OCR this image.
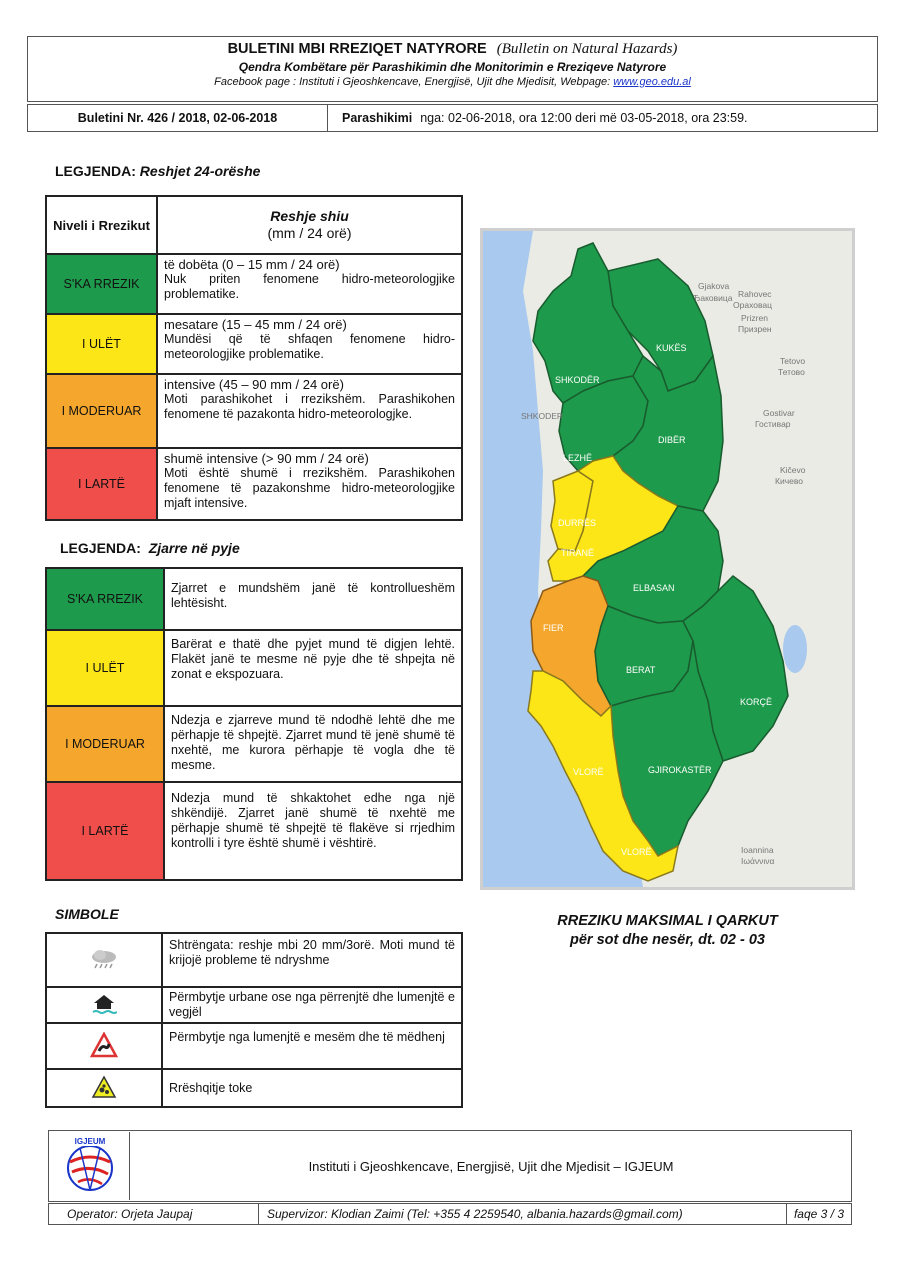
BULETINI MBI RREZIQET NATYRORE (Bulletin on Natural Hazards)
Qendra Kombëtare për Parashikimin dhe Monitorimin e Rreziqeve Natyrore
Facebook page : Instituti i Gjeoshkencave, Energjisë, Ujit dhe Mjedisit, Webpage: www.geo.edu.al
Buletini Nr. 426 / 2018, 02-06-2018	Parashikimi nga: 02-06-2018, ora 12:00 deri më 03-05-2018, ora 23:59.
LEGJENDA: Reshjet 24-orëshe
Niveli i Rrezikut	Reshje shiu
(mm / 24 orë)

S'KA RREZIK	të dobëta (0 – 15 mm / 24 orë)
Nuk priten fenomene hidro-meteorologjike problematike.

I ULËT	mesatare (15 – 45 mm / 24 orë)
Mundësi që të shfaqen fenomene hidro-meteorologjike problematike.

I MODERUAR	intensive (45 – 90 mm / 24 orë)
Moti parashikohet i rrezikshëm. Parashikohen fenomene të pazakonta hidro-meteorologjke.

I LARTË	shumë intensive (> 90 mm / 24 orë)
Moti është shumë i rrezikshëm. Parashikohen fenomene të pazakonshme hidro-meteorologjike mjaft intensive.
LEGJENDA: Zjarre në pyje
S'KA RREZIK	Zjarret e mundshëm janë të kontrollueshëm lehtësisht.
I ULËT	Barërat e thatë dhe pyjet mund të digjen lehtë. Flakët janë te mesme në pyje dhe të shpejta në zonat e ekspozuara.
I MODERUAR	Ndezja e zjarreve mund të ndodhë lehtë dhe me përhapje të shpejtë. Zjarret mund të jenë shumë të nxehtë, me kurora përhapje të vogla dhe të mesme.
I LARTË	Ndezja mund të shkaktohet edhe nga një shkëndijë. Zjarret janë shumë të nxehtë me përhapje shumë të shpejtë të flakëve si rrjedhim kontrolli i tyre është shumë i vështirë.
SIMBOLE
	Shtrëngata: reshje mbi 20 mm/3orë. Moti mund të krijojë probleme të ndryshme
	Përmbytje urbane ose nga përrenjtë dhe lumenjtë e vegjël
	Përmbytje nga lumenjtë e mesëm dhe të mëdhenj
	Rrëshqitje toke
SHKODËR
KUKËS
LEZHË
DIBËR
ELBASAN
BERAT
KORÇË
GJIROKASTËR
FIER
DURRËS
TIRANË
VLORË
VLORË
Gjakova
Ђаковица Rahovec
Ораховац
Prizren
Призрен
Tetovo
Тетово
Gostivar
Гостивар
Kičevo
Кичево
Ioannina
Ιωάννινα
SHKODER
RREZIKU MAKSIMAL I QARKUT
për sot dhe nesër, dt. 02 - 03
IGJEUM
Instituti i Gjeoshkencave, Energjisë, Ujit dhe Mjedisit – IGJEUM
Operator: Orjeta Jaupaj	Supervizor: Klodian Zaimi (Tel: +355 4 2259540, albania.hazards@gmail.com)	faqe 3 / 3
